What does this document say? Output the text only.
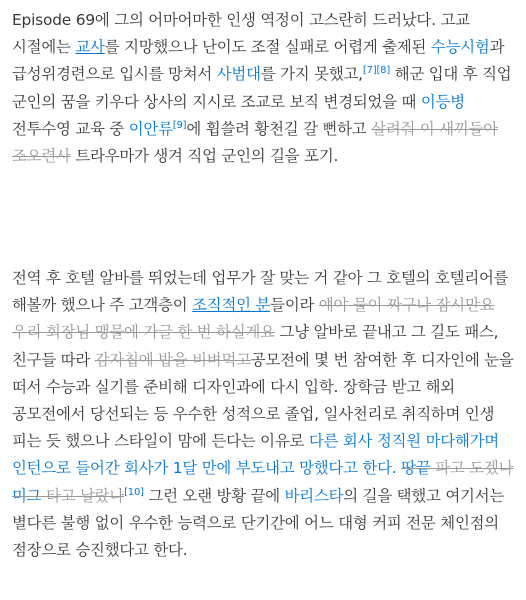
Episode 69에 그의 어마어마한 인생 역정이 고스란히 드러났다. 고교 시절에는 교사를 지망했으나 난이도 조절 실패로 어렵게 출제된 수능시험과 급성위경련으로 입시를 망쳐서 사범대를 가지 못했고,[7][8] 해군 입대 후 직업 군인의 꿈을 키우다 상사의 지시로 조교로 보직 변경되었을 때 이등병 전투수영 교육 중 이안류[9]에 휩쓸려 황천길 갈 뻔하고 살려줘 이 새끼들아 조오련사 트라우마가 생겨 직업 군인의 길을 포기.
전역 후 호텔 알바를 뛰었는데 업무가 잘 맞는 거 같아 그 호텔의 호텔리어를 해볼까 했으나 주 고객층이 조직적인 분들이라 얘야 물이 짜구나 잠시만요 우리 회장님 맹물에 가글 한 번 하실게요 그냥 알바로 끝내고 그 길도 패스, 친구들 따라 감자칩에 밥을 비벼먹고공모전에 몇 번 참여한 후 디자인에 눈을 떠서 수능과 실기를 준비해 디자인과에 다시 입학. 장학금 받고 해외 공모전에서 당선되는 등 우수한 성적으로 졸업, 일사천리로 취직하며 인생 피는 듯 했으나 스타일이 맘에 든다는 이유로 다른 회사 정직원 마다해가며 인턴으로 들어간 회사가 1달 만에 부도내고 망했다고 한다. 땅끝 파고 도겠나 미그 타고 날랐나[10] 그런 오랜 방황 끝에 바리스타의 길을 택했고 여기서는 별다른 불행 없이 우수한 능력으로 단기간에 어느 대형 커피 전문 체인점의 점장으로 승진했다고 한다.
